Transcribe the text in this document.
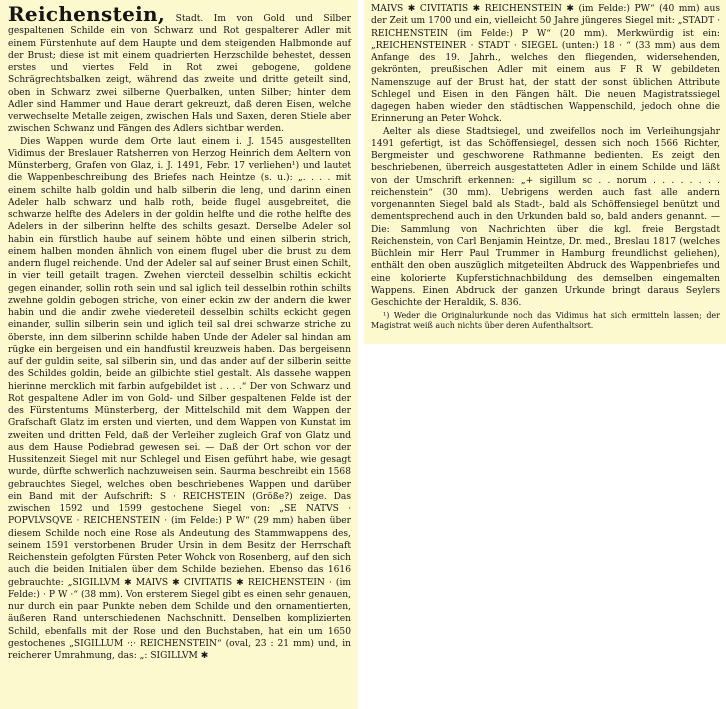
Reichenstein, Stadt. Im von Gold und Silber gespaltenen Schilde ein von Schwarz und Rot gespalterer Adler mit einem Fürstenhute auf dem Haupte und dem steigenden Halbmonde auf der Brust; diese ist mit einem quadrierten Herzschilde behestet, dessen erstes und viertes Feld in Rot zwei gebogene, goldene Schrägrechtsbalken zeigt, während das zweite und dritte geteilt sind, oben in Schwarz zwei silberne Querbalken, unten Silber; hinter dem Adler sind Hammer und Haue derart gekreuzt, daß deren Eisen, welche verwechselte Metalle zeigen, zwischen Hals und Saxen, deren Stiele aber zwischen Schwanz und Fängen des Adlers sichtbar werden.

Dies Wappen wurde dem Orte laut einem i. J. 1545 ausgestellten Vidimus der Breslauer Ratsherren von Herzog Heinrich dem Aeltern von Münsterberg, Grafen von Glaz, i. J. 1491, Febr. 17 verliehen¹) und lautet die Wappenbeschreibung des Briefes nach Heintze (s. u.): „. . . . mit einem schilte halb goldin und halb silberin die leng, und darinn einen Adeler halb schwarz und halb roth, beide flugel ausgebreitet, die schwarze helfte des Adelers in der goldin helfte und die rothe helfte des Adelers in der silberinn helfte des schilts gesazt. Derselbe Adeler sol habin ein fürstlich haube auf seinem höbte und einen silberin strich, einem halben monden ähnlich von einem flugel uber die brust zu dem andern flugel reichende. Und der Adeler sal auf seiner Brust einen Schilt, in vier teill getailt tragen. Zwehen viercteil desselbin schiltis eckicht gegen einander, sollin roth sein und sal iglich teil desselbin rothin schilts zwehne goldin gebogen striche, von einer eckin zw der andern die kwer habin und die andir zwehe viedereteil desselbin schilts eckicht gegen einander, sullin silberin sein und iglich teil sal drei schwarze striche zu öberste, inn dem silberinn schilde haben Unde der Adeler sal hindan am rügke ein bergeisen und ein handfustil kreuzweis haben. Das bergeisenn auf der guldin seite, sal silberin sin, und das ander auf der silberin seitte des Schildes goldin, beide an gilbichte stiel gestalt. Als dassehe wappen hierinne mercklich mit farbin aufgebildet ist . . . .“ Der von Schwarz und Rot gespaltene Adler im von Gold- und Silber gespaltenen Felde ist der des Fürstentums Münsterberg, der Mittelschild mit dem Wappen der Grafschaft Glatz im ersten und vierten, und dem Wappen von Kunstat im zweiten und dritten Feld, daß der Verleiher zugleich Graf von Glatz und aus dem Hause Podiebrad gewesen sei. — Daß der Ort schon vor der Hussitenzeit Siegel mit nur Schlegel und Eisen geführt habe, wie gesagt wurde, dürfte schwerlich nachzuweisen sein. Saurma beschreibt ein 1568 gebrauchtes Siegel, welches oben beschriebenes Wappen und darüber ein Band mit der Aufschrift: S · REICHSTEIN (Größe?) zeige. Das zwischen 1592 und 1599 gestochene Siegel von: „SE NATVS · POPVLVSQVE · REICHENSTEIN · (im Felde:) P W“ (29 mm) haben über diesem Schilde noch eine Rose als Andeutung des Stammwappens des, seinem 1591 verstorbenen Bruder Ursin in dem Besitz der Herrschaft Reichenstein gefolgten Fürsten Peter Wohck von Rosenberg, auf den sich auch die beiden Initialen über dem Schilde beziehen. Ebenso das 1616 gebrauchte: „SIGILLVM ✱ MAIVS ✱ CIVITATIS ✱ REICHENSTEIN · (im Felde:) · P W ·“ (38 mm). Von ersterem Siegel gibt es einen sehr genauen, nur durch ein paar Punkte neben dem Schilde und den ornamentierten, äußeren Rand unterschiedenen Nachschnitt. Denselben komplizierten Schild, ebenfalls mit der Rose und den Buchstaben, hat ein um 1650 gestochenes „SIGILLUM ·:· REICHENSTEIN“ (oval, 23 : 21 mm) und, in reicherer Umrahmung, das: „: SIGILLVM ✱

MAIVS ✱ CIVITATIS ✱ REICHENSTEIN ✱ (im Felde:) PW“ (40 mm) aus der Zeit um 1700 und ein, vielleicht 50 Jahre jüngeres Siegel mit: „STADT · REICHENSTEIN (im Felde:) P W“ (20 mm). Merkwürdig ist ein: „REICHENSTEINER · STADT · SIEGEL (unten:) 18 · “ (33 mm) aus dem Anfange des 19. Jahrh., welches den fliegenden, widersehenden, gekrönten, preußischen Adler mit einem aus F R W gebildeten Namenszuge auf der Brust hat, der statt der sonst üblichen Attribute Schlegel und Eisen in den Fängen hält. Die neuen Magistratssiegel dagegen haben wieder den städtischen Wappenschild, jedoch ohne die Erinnerung an Peter Wohck.

Aelter als diese Stadtsiegel, und zweifellos noch im Verleihungsjahr 1491 gefertigt, ist das Schöffensiegel, dessen sich noch 1566 Richter, Bergmeister und geschworene Rathmanne bedienten. Es zeigt den beschriebenen, überreich ausgestatteten Adler in einem Schilde und läßt von der Umschrift erkennen: „+ sigillum sc . . norum . . . . . . . . reichenstein“ (30 mm). Uebrigens werden auch fast alle andern vorgenannten Siegel bald als Stadt-, bald als Schöffensiegel benützt und dementsprechend auch in den Urkunden bald so, bald anders genannt. — Die: Sammlung von Nachrichten über die kgl. freie Bergstadt Reichenstein, von Carl Benjamin Heintze, Dr. med., Breslau 1817 (welches Büchlein mir Herr Paul Trummer in Hamburg freundlichst geliehen), enthält den oben auszüglich mitgeteilten Abdruck des Wappenbriefes und eine kolorierte Kupferstichnachbildung des demselben eingemalten Wappens. Einen Abdruck der ganzen Urkunde bringt daraus Seylers Geschichte der Heraldik, S. 836.

¹) Weder die Originalurkunde noch das Vidimus hat sich ermitteln lassen; der Magistrat weiß auch nichts über deren Aufenthaltsort.
